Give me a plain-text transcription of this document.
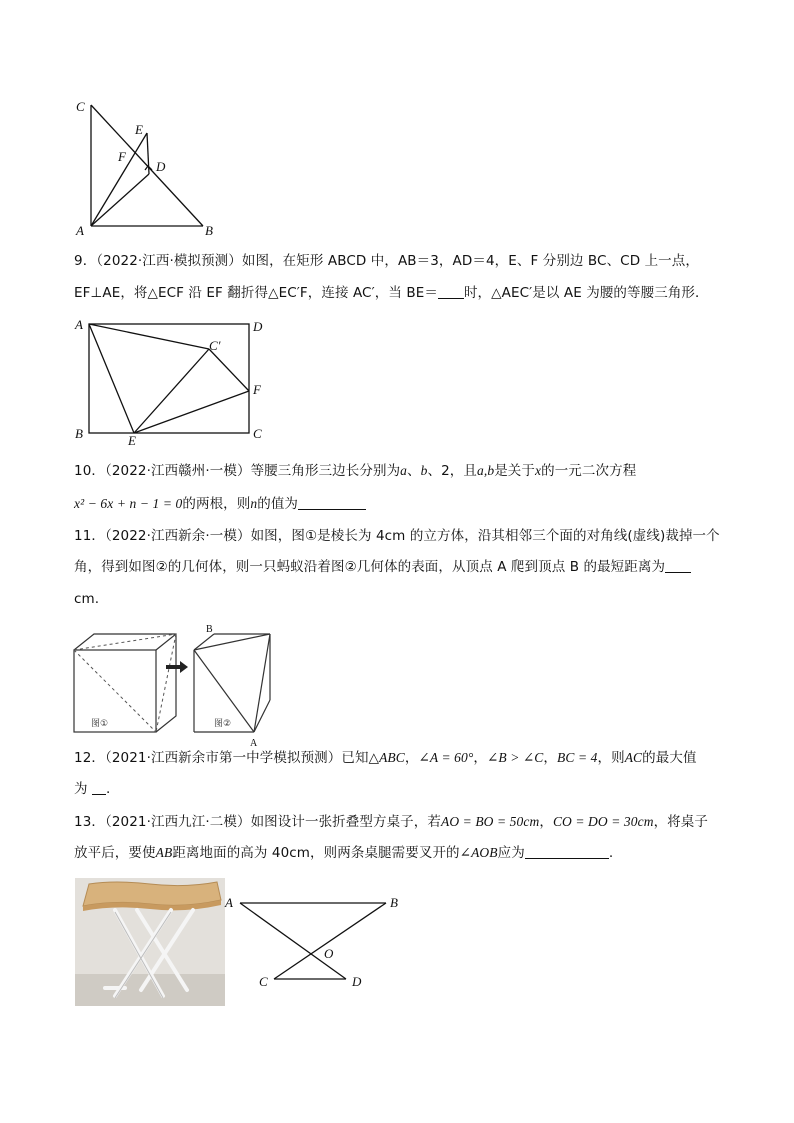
C
E
F
D
A	B
9．（2022·江西·模拟预测）如图，在矩形 ABCD 中，AB＝3，AD＝4，E、F 分别边 BC、CD 上一点，
EF⊥AE，将△ECF 沿 EF 翻折得△EC′F，连接 AC′，当 BE＝ 时，△AEC′是以 AE 为腰的等腰三角形．
A	D
C′
F
B	E	C
10．（2022·江西赣州·一模）等腰三角形三边长分别为a、b、2，且a,b是关于x的一元二次方程
x² − 6x + n − 1 = 0的两根，则n的值为
11．（2022·江西新余·一模）如图，图①是棱长为 4cm 的立方体，沿其相邻三个面的对角线(虚线)裁掉一个
角，得到如图②的几何体，则一只蚂蚁沿着图②几何体的表面，从顶点 A 爬到顶点 B 的最短距离为
cm.
B
A
图①	图②
12．（2021·江西新余市第一中学模拟预测）已知△ABC，∠A = 60°，∠B > ∠C，BC = 4，则AC的最大值
为 .
13．（2021·江西九江·二模）如图设计一张折叠型方桌子，若AO = BO = 50cm，CO = DO = 30cm，将桌子
放平后，要使AB距离地面的高为 40cm，则两条桌腿需要叉开的∠AOB应为	.
A	B
O
C	D
